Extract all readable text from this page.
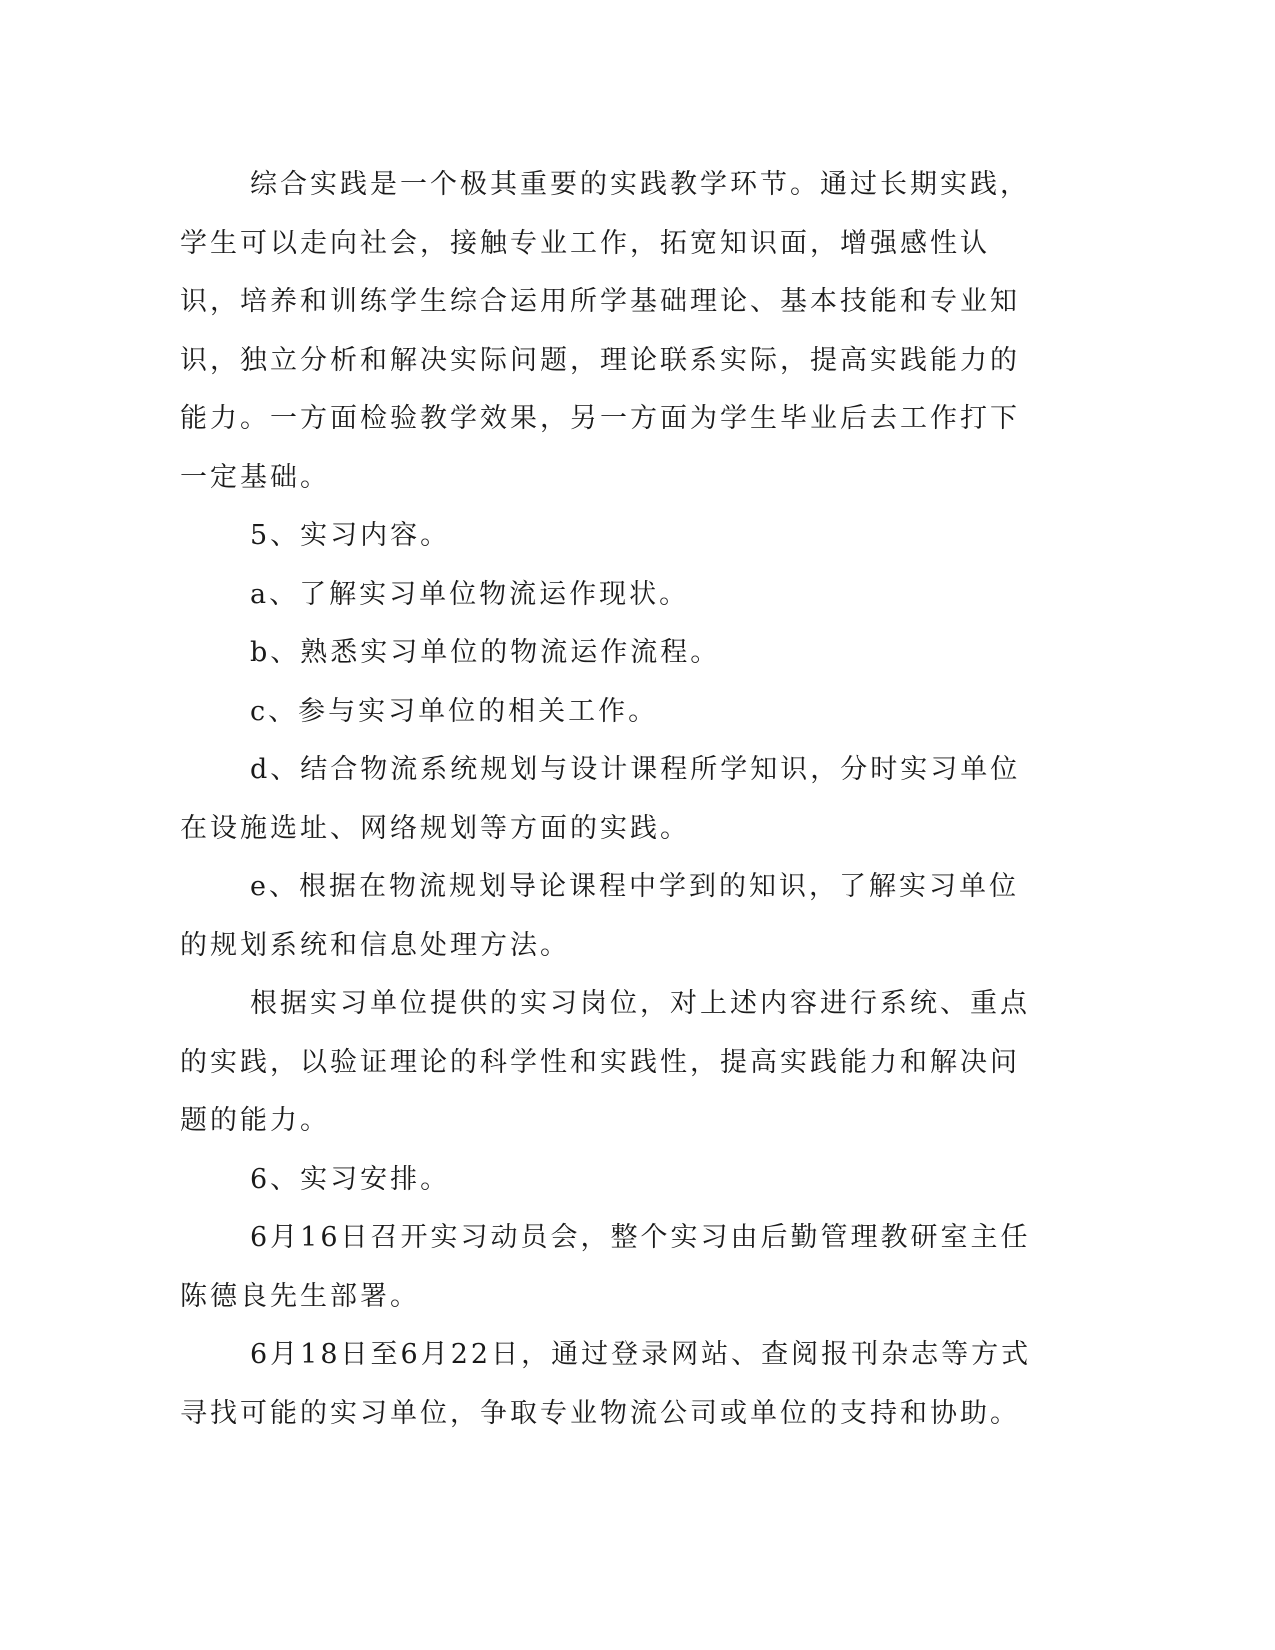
综合实践是一个极其重要的实践教学环节。通过长期实践，学生可以走向社会，接触专业工作，拓宽知识面，增强感性认识，培养和训练学生综合运用所学基础理论、基本技能和专业知识，独立分析和解决实际问题，理论联系实际，提高实践能力的能力。一方面检验教学效果，另一方面为学生毕业后去工作打下一定基础。

5、实习内容。

a、了解实习单位物流运作现状。

b、熟悉实习单位的物流运作流程。

c、参与实习单位的相关工作。

d、结合物流系统规划与设计课程所学知识，分时实习单位在设施选址、网络规划等方面的实践。

e、根据在物流规划导论课程中学到的知识，了解实习单位的规划系统和信息处理方法。

根据实习单位提供的实习岗位，对上述内容进行系统、重点的实践，以验证理论的科学性和实践性，提高实践能力和解决问题的能力。

6、实习安排。

6月16日召开实习动员会，整个实习由后勤管理教研室主任陈德良先生部署。

6月18日至6月22日，通过登录网站、查阅报刊杂志等方式寻找可能的实习单位，争取专业物流公司或单位的支持和协助。
